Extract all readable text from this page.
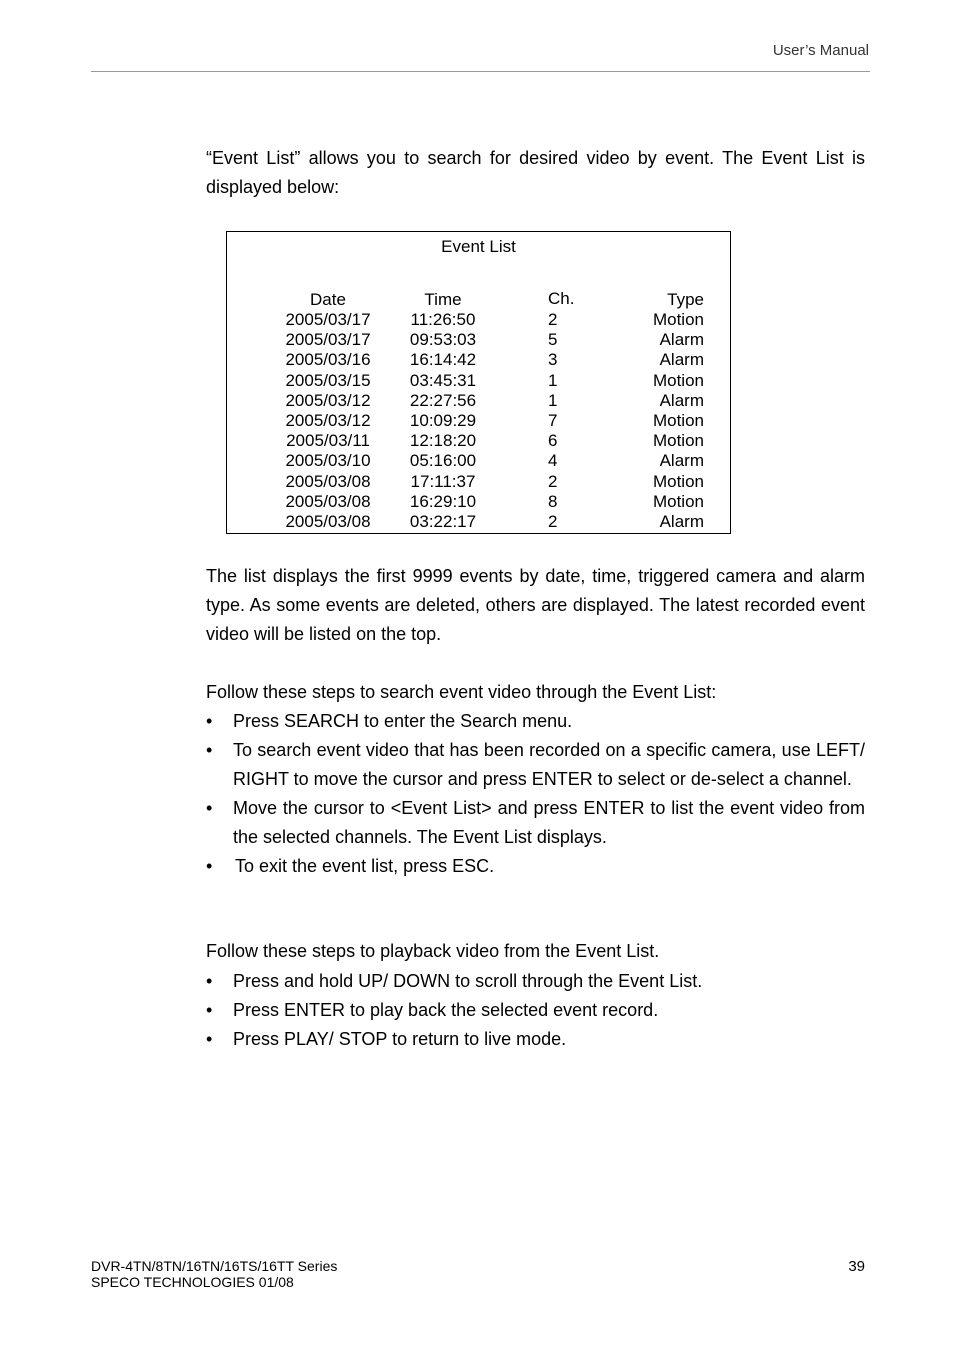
User’s Manual

“Event List” allows you to search for desired video by event. The Event List is displayed below:

Event List
Date	Time	Ch.	Type
2005/03/17	11:26:50	2	Motion
2005/03/17	09:53:03	5	Alarm
2005/03/16	16:14:42	3	Alarm
2005/03/15	03:45:31	1	Motion
2005/03/12	22:27:56	1	Alarm
2005/03/12	10:09:29	7	Motion
2005/03/11	12:18:20	6	Motion
2005/03/10	05:16:00	4	Alarm
2005/03/08	17:11:37	2	Motion
2005/03/08	16:29:10	8	Motion
2005/03/08	03:22:17	2	Alarm

The list displays the first 9999 events by date, time, triggered camera and alarm type. As some events are deleted, others are displayed. The latest recorded event video will be listed on the top.

Follow these steps to search event video through the Event List:

• Press SEARCH to enter the Search menu.
• To search event video that has been recorded on a specific camera, use LEFT/ RIGHT to move the cursor and press ENTER to select or de-select a channel.
• Move the cursor to <Event List> and press ENTER to list the event video from the selected channels. The Event List displays.
• To exit the event list, press ESC.

Follow these steps to playback video from the Event List.

• Press and hold UP/ DOWN to scroll through the Event List.
• Press ENTER to play back the selected event record.
• Press PLAY/ STOP to return to live mode.
DVR-4TN/8TN/16TN/16TS/16TT Series
SPECO TECHNOLOGIES 01/08
39
